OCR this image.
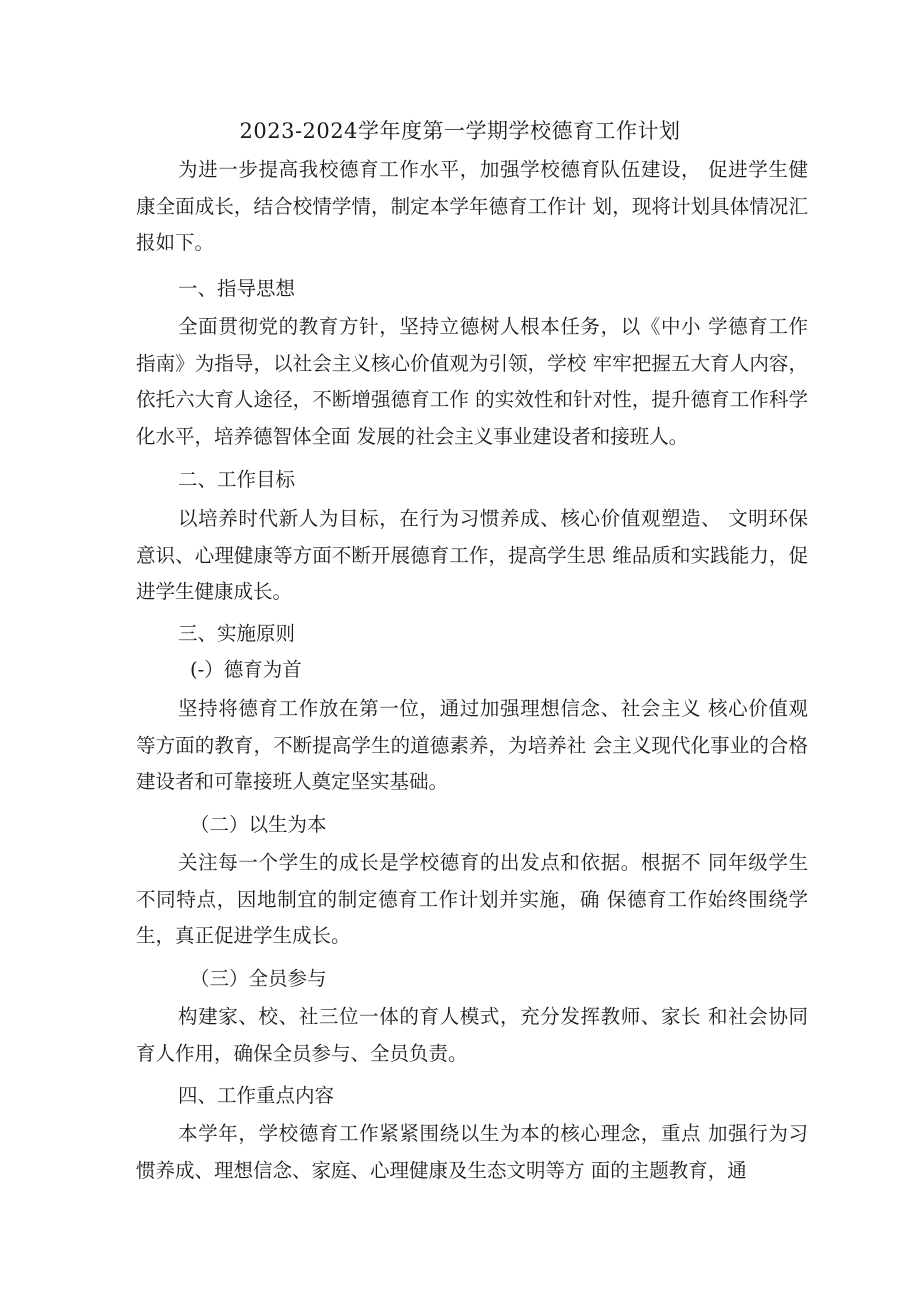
2023-2024学年度第一学期学校德育工作计划

为进一步提高我校德育工作水平，加强学校德育队伍建设， 促进学生健康全面成长，结合校情学情，制定本学年德育工作计 划，现将计划具体情况汇报如下。

一、指导思想

全面贯彻党的教育方针，坚持立德树人根本任务，以《中小 学德育工作指南》为指导，以社会主义核心价值观为引领，学校 牢牢把握五大育人内容，依托六大育人途径，不断增强德育工作 的实效性和针对性，提升德育工作科学化水平，培养德智体全面 发展的社会主义事业建设者和接班人。

二、工作目标

以培养时代新人为目标，在行为习惯养成、核心价值观塑造、 文明环保意识、心理健康等方面不断开展德育工作，提高学生思 维品质和实践能力，促进学生健康成长。

三、实施原则

(-）德育为首

坚持将德育工作放在第一位，通过加强理想信念、社会主义 核心价值观等方面的教育，不断提高学生的道德素养，为培养社 会主义现代化事业的合格建设者和可靠接班人奠定坚实基础。

（二）以生为本

关注每一个学生的成长是学校德育的出发点和依据。根据不 同年级学生不同特点，因地制宜的制定德育工作计划并实施，确 保德育工作始终围绕学生，真正促进学生成长。

（三）全员参与

构建家、校、社三位一体的育人模式，充分发挥教师、家长 和社会协同育人作用，确保全员参与、全员负责。

四、工作重点内容

本学年，学校德育工作紧紧围绕以生为本的核心理念，重点 加强行为习惯养成、理想信念、家庭、心理健康及生态文明等方 面的主题教育，通
